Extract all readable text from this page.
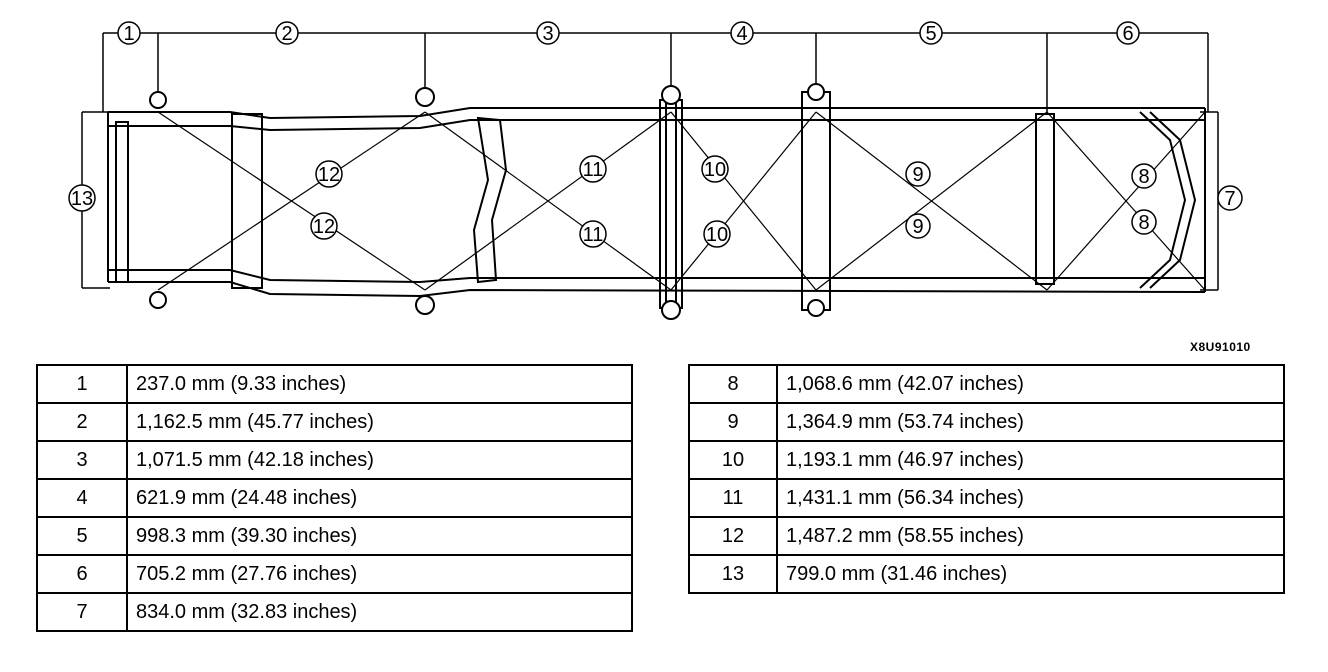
1	2	3	4	5	6
13	7
12
12
11
11
10
10
9
9
8
8
X8U91010
1	237.0 mm (9.33 inches)
2	1,162.5 mm (45.77 inches)
3	1,071.5 mm (42.18 inches)
4	621.9 mm (24.48 inches)
5	998.3 mm (39.30 inches)
6	705.2 mm (27.76 inches)
7	834.0 mm (32.83 inches)
8	1,068.6 mm (42.07 inches)
9	1,364.9 mm (53.74 inches)
10	1,193.1 mm (46.97 inches)
11	1,431.1 mm (56.34 inches)
12	1,487.2 mm (58.55 inches)
13	799.0 mm (31.46 inches)
